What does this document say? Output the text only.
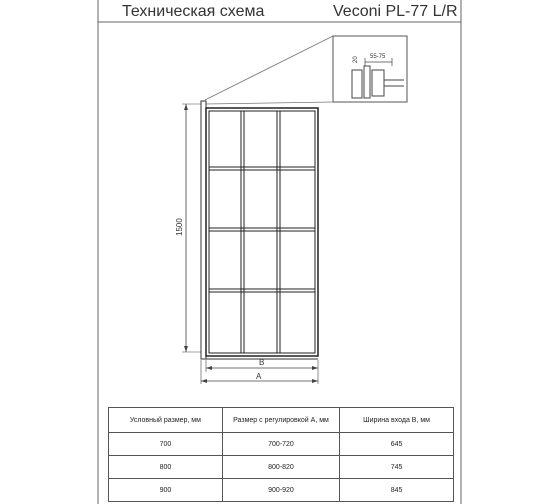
55-75
20
1500
B
A
Техническая схема	Veconi PL-77 L/R
Условный размер, мм	Размер с регулировкой А, мм	Ширина входа В, мм
700	700-720	645
800	800-820	745
900	900-920	845
